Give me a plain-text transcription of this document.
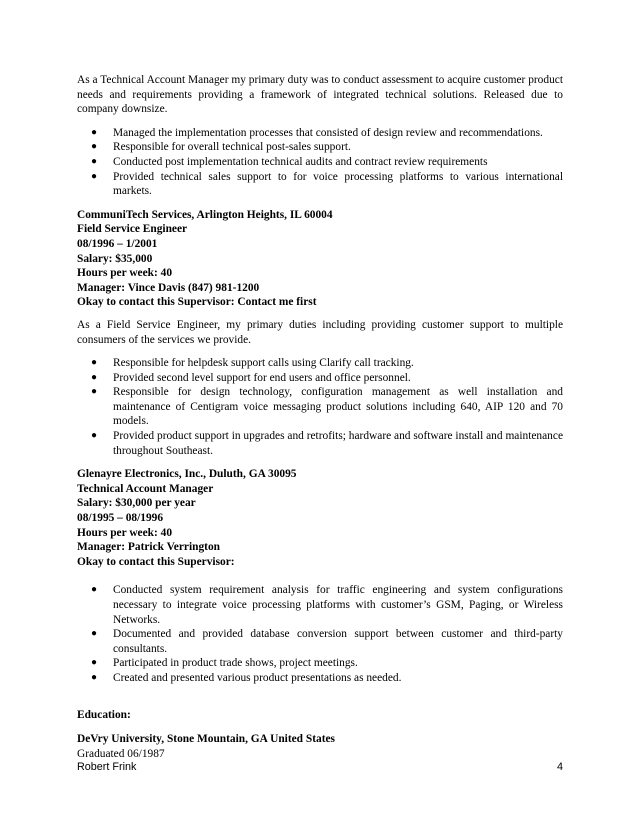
As a Technical Account Manager my primary duty was to conduct assessment to acquire customer product needs and requirements providing a framework of integrated technical solutions. Released due to company downsize.

● Managed the implementation processes that consisted of design review and recommendations.
● Responsible for overall technical post-sales support.
● Conducted post implementation technical audits and contract review requirements
● Provided technical sales support to for voice processing platforms to various international markets.
CommuniTech Services, Arlington Heights, IL 60004
Field Service Engineer
08/1996 – 1/2001
Salary: $35,000
Hours per week: 40
Manager: Vince Davis (847) 981-1200
Okay to contact this Supervisor: Contact me first

As a Field Service Engineer, my primary duties including providing customer support to multiple consumers of the services we provide.

● Responsible for helpdesk support calls using Clarify call tracking.
● Provided second level support for end users and office personnel.
● Responsible for design technology, configuration management as well installation and maintenance of Centigram voice messaging product solutions including 640, AIP 120 and 70 models.
● Provided product support in upgrades and retrofits; hardware and software install and maintenance throughout Southeast.
Glenayre Electronics, Inc., Duluth, GA 30095
Technical Account Manager
Salary: $30,000 per year
08/1995 – 08/1996
Hours per week: 40
Manager: Patrick Verrington
Okay to contact this Supervisor:
● Conducted system requirement analysis for traffic engineering and system configurations necessary to integrate voice processing platforms with customer’s GSM, Paging, or Wireless Networks.
● Documented and provided database conversion support between customer and third-party consultants.
● Participated in product trade shows, project meetings.
● Created and presented various product presentations as needed.
Education:
DeVry University, Stone Mountain, GA United States
Graduated 06/1987
Robert Frink	4
